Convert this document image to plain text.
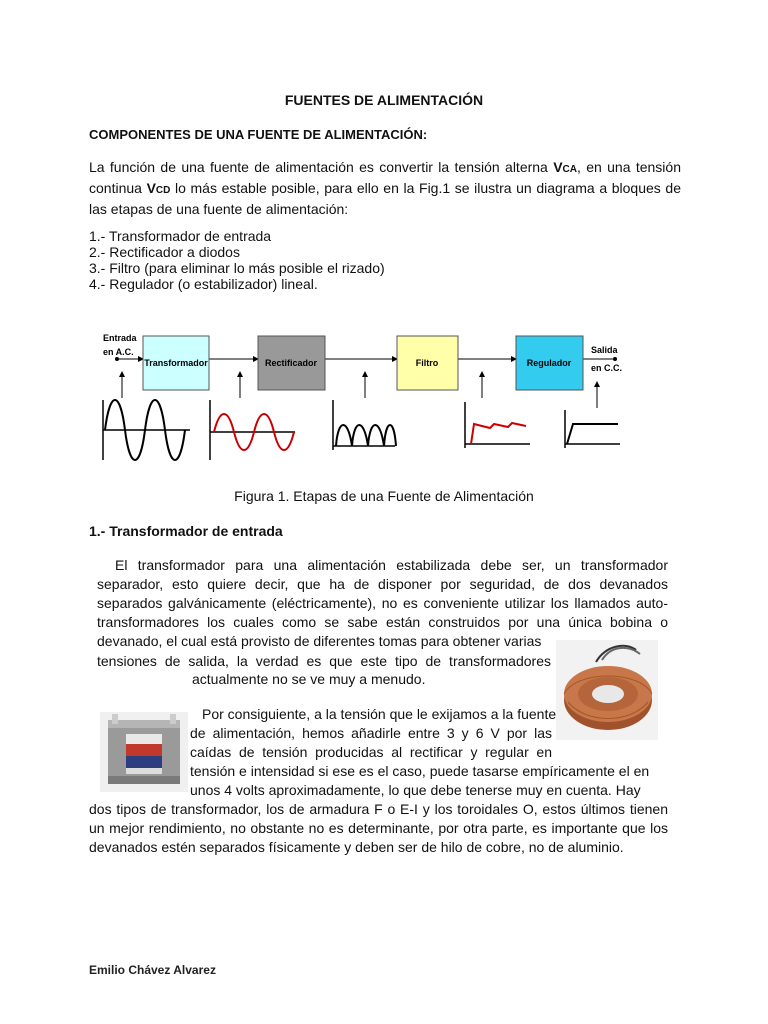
FUENTES DE ALIMENTACIÓN
COMPONENTES DE UNA FUENTE DE ALIMENTACIÓN:
La función de una fuente de alimentación es convertir la tensión alterna VCA, en una tensión continua VCD lo más estable posible, para ello en la Fig.1 se ilustra un diagrama a bloques de las etapas de una fuente de alimentación:
1.- Transformador de entrada
2.- Rectificador a diodos
3.- Filtro (para eliminar lo más posible el rizado)
4.- Regulador (o estabilizador) lineal.
Entrada
en A.C.	Salida
en C.C.
Transformador	Rectificador	Filtro	Regulador
Figura 1. Etapas de una Fuente de Alimentación
1.- Transformador de entrada
El transformador para una alimentación estabilizada debe ser, un transformador
separador, esto quiere decir, que ha de disponer por seguridad, de dos devanados
separados galvánicamente (eléctricamente), no es conveniente utilizar los llamados auto-
transformadores los cuales como se sabe están construidos por una única bobina o
devanado, el cual está provisto de diferentes tomas para obtener varias
tensiones de salida, la verdad es que este tipo de transformadores
actualmente no se ve muy a menudo.
Por consiguiente, a la tensión que le exijamos a la fuente
de alimentación, hemos añadirle entre 3 y 6 V por las
caídas de tensión producidas al rectificar y regular en
tensión e intensidad si ese es el caso, puede tasarse empíricamente el en
unos 4 volts aproximadamente, lo que debe tenerse muy en cuenta. Hay
dos tipos de transformador, los de armadura F o E-I y los toroidales O, estos últimos tienen
un mejor rendimiento, no obstante no es determinante, por otra parte, es importante que los
devanados estén separados físicamente y deben ser de hilo de cobre, no de aluminio.
Emilio Chávez Alvarez
